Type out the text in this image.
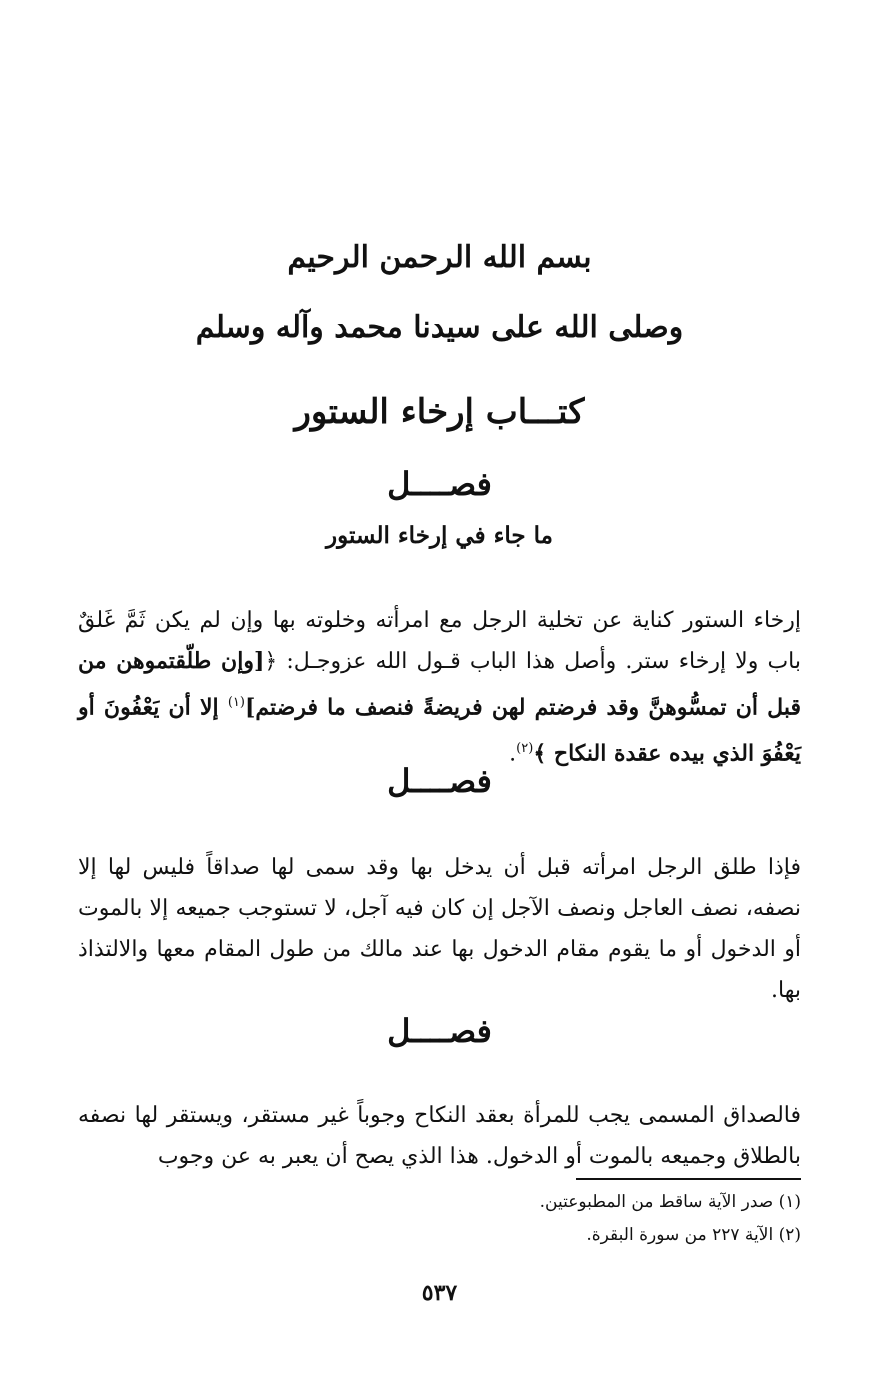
بسم الله الرحمن الرحيم
وصلى الله على سيدنا محمد وآله وسلم
كتـــاب إرخاء الستور
فصــــل
ما جاء في إرخاء الستور

إرخاء الستور كناية عن تخلية الرجل مع امرأته وخلوته بها وإن لم يكن ثَمَّ غَلقٌ باب ولا إرخاء ستر. وأصل هذا الباب قـول الله عزوجـل: ﴿[وإن طلّقتموهن من قبل أن تمسُّوهنَّ وقد فرضتم لهن فريضةً فنصف ما فرضتم]$^{(١)}$ إلا أن يَعْفُونَ أو يَعْفُوَ الذي بيده عقدة النكاح ﴾$^{(٢)}$.

فصــــل

فإذا طلق الرجل امرأته قبل أن يدخل بها وقد سمى لها صداقاً فليس لها إلا نصفه، نصف العاجل ونصف الآجل إن كان فيه آجل، لا تستوجب جميعه إلا بالموت أو الدخول أو ما يقوم مقام الدخول بها عند مالك من طول المقام معها والالتذاذ بها.

فصــــل

فالصداق المسمى يجب للمرأة بعقد النكاح وجوباً غير مستقر، ويستقر لها نصفه بالطلاق وجميعه بالموت أو الدخول. هذا الذي يصح أن يعبر به عن وجوب

(١) صدر الآية ساقط من المطبوعتين.
(٢) الآية ٢٢٧ من سورة البقرة.
٥٣٧
